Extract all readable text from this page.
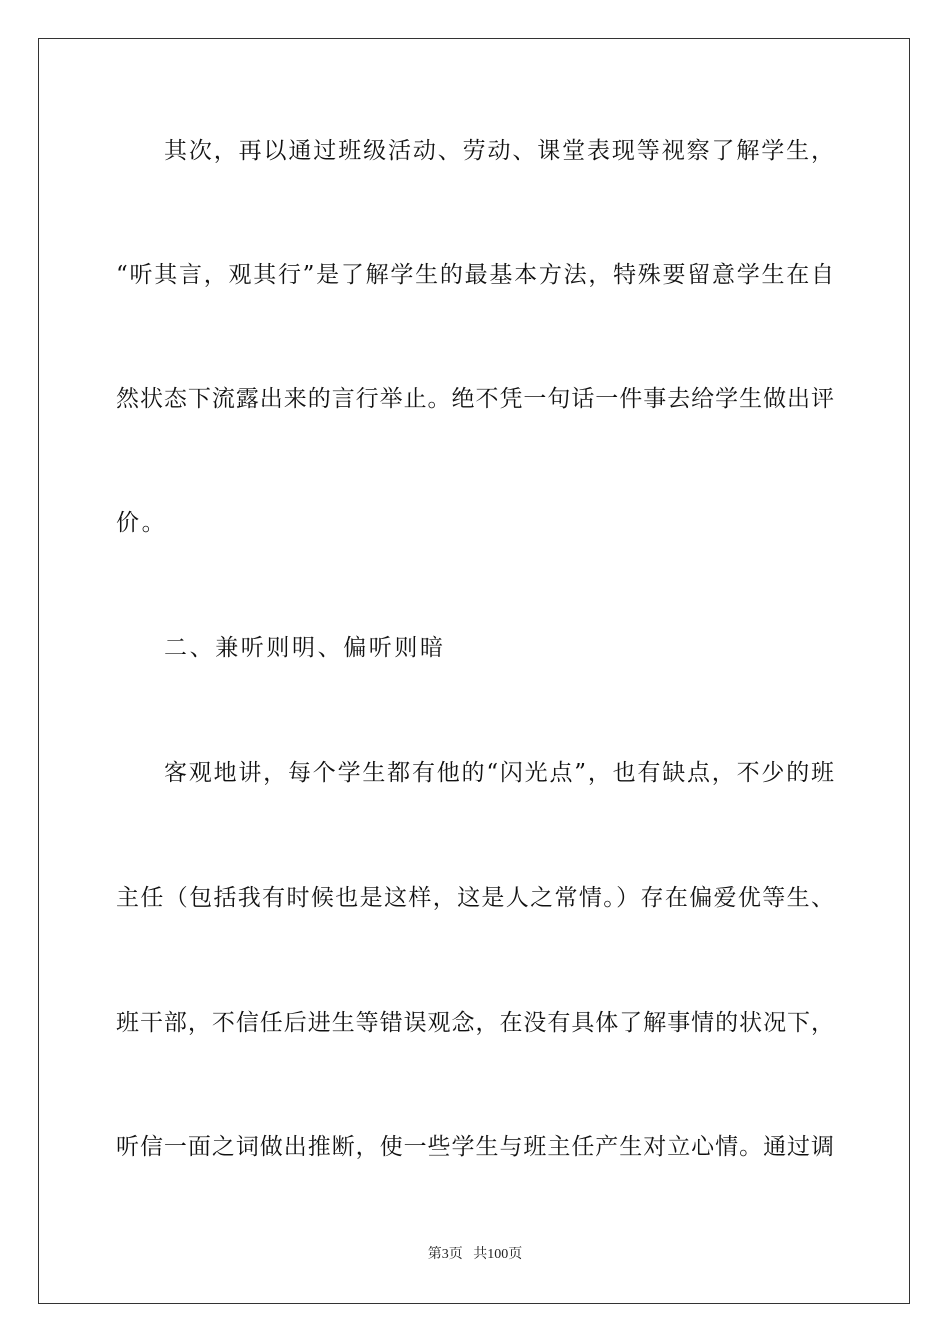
其次，再以通过班级活动、劳动、课堂表现等视察了解学生，
“听其言，观其行”是了解学生的最基本方法，特殊要留意学生在自
然状态下流露出来的言行举止。绝不凭一句话一件事去给学生做出评
价。
二、兼听则明、偏听则暗
客观地讲，每个学生都有他的“闪光点”，也有缺点，不少的班
主任（包括我有时候也是这样，这是人之常情。）存在偏爱优等生、
班干部，不信任后进生等错误观念，在没有具体了解事情的状况下，
听信一面之词做出推断，使一些学生与班主任产生对立心情。通过调
第3页 共100页
